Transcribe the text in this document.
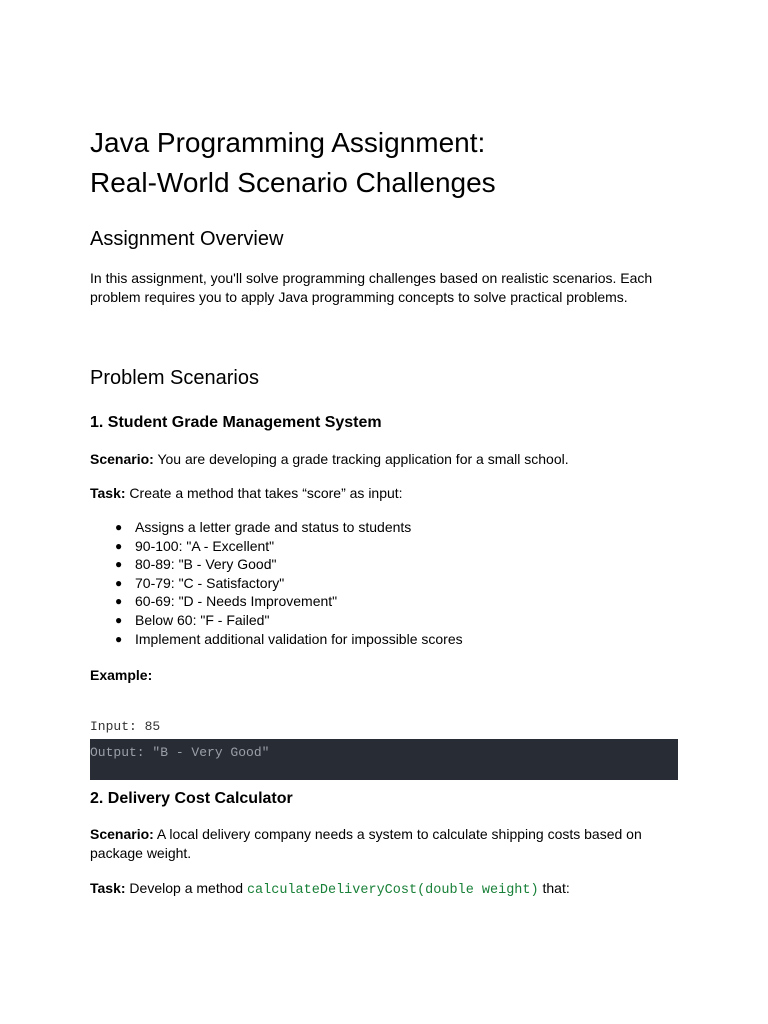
Java Programming Assignment:
Real-World Scenario Challenges
Assignment Overview

In this assignment, you'll solve programming challenges based on realistic scenarios. Each problem requires you to apply Java programming concepts to solve practical problems.

Problem Scenarios
1. Student Grade Management System

Scenario: You are developing a grade tracking application for a small school.

Task: Create a method that takes “score” as input:

● Assigns a letter grade and status to students
● 90-100: "A - Excellent"
● 80-89: "B - Very Good"
● 70-79: "C - Satisfactory"
● 60-69: "D - Needs Improvement"
● Below 60: "F - Failed"
● Implement additional validation for impossible scores

Example:

Input: 85
Output: "B - Very Good"
2. Delivery Cost Calculator

Scenario: A local delivery company needs a system to calculate shipping costs based on package weight.

Task: Develop a method calculateDeliveryCost(double weight) that:
